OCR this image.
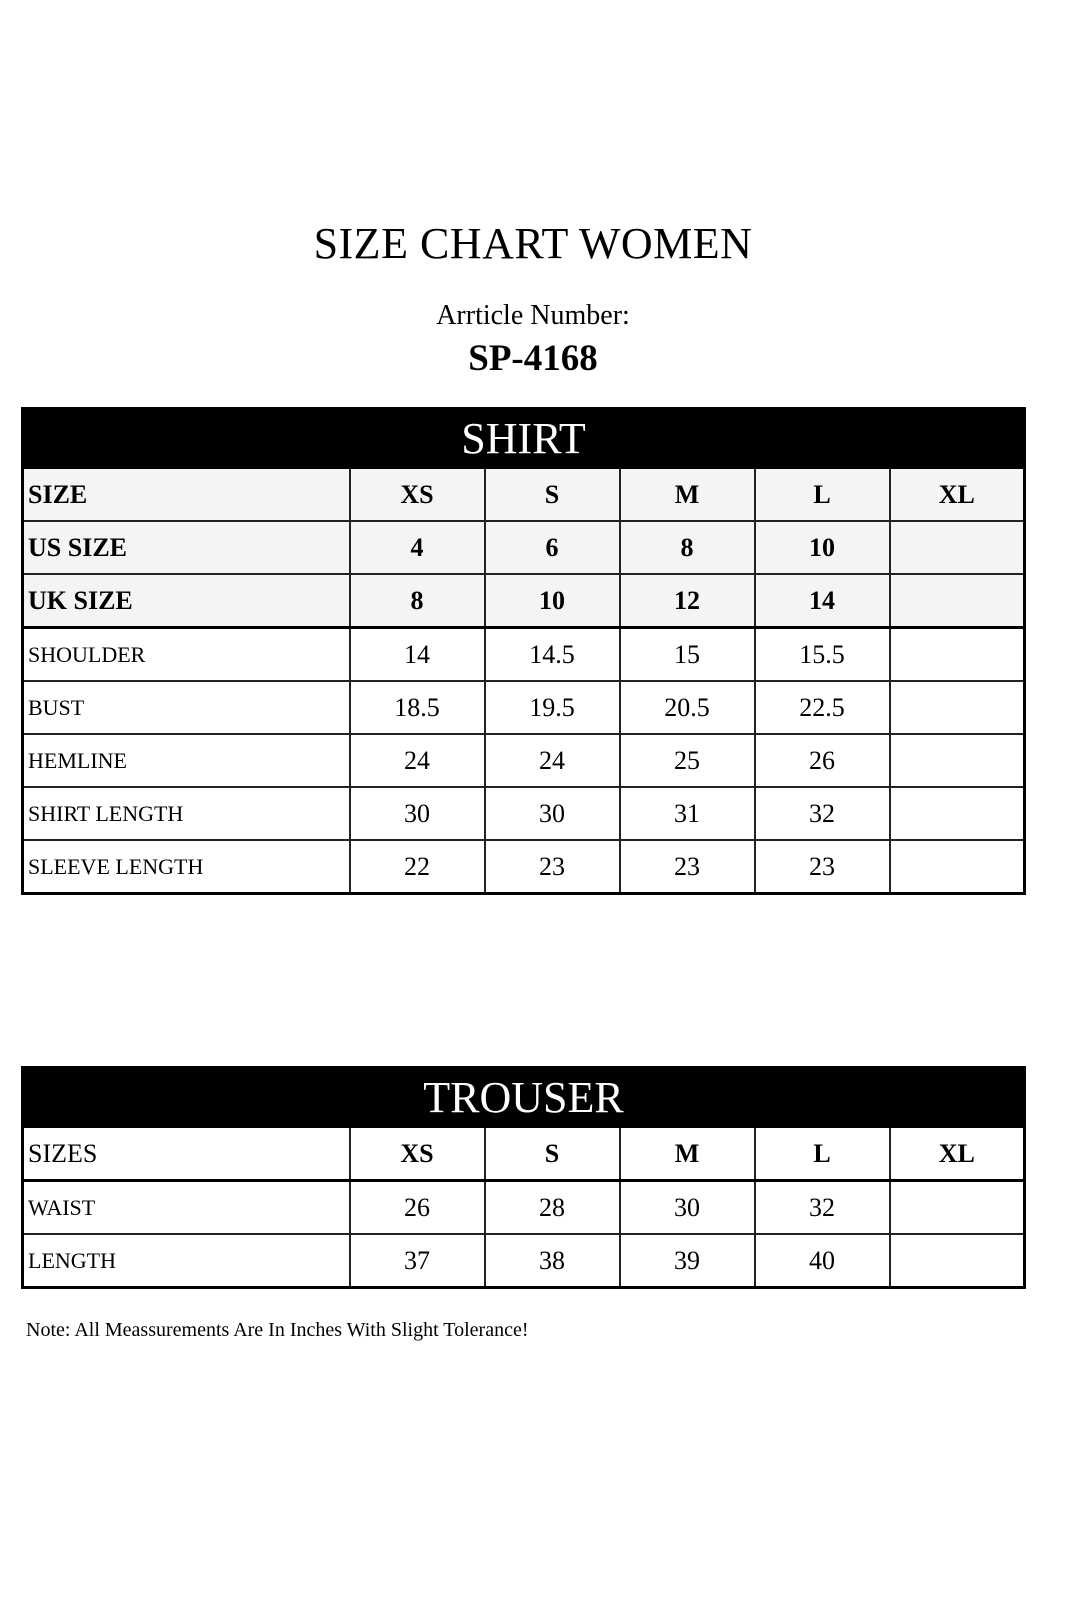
SIZE CHART WOMEN
Arrticle Number:
SP-4168
SHIRT					
SIZE	XS	S	M	L	XL
US SIZE	4	6	8	10	
UK SIZE	8	10	12	14	
SHOULDER	14	14.5	15	15.5	
BUST	18.5	19.5	20.5	22.5	
HEMLINE	24	24	25	26	
SHIRT LENGTH	30	30	31	32	
SLEEVE LENGTH	22	23	23	23	
TROUSER					
SIZES	XS	S	M	L	XL
WAIST	26	28	30	32	
LENGTH	37	38	39	40	
Note: All Meassurements Are In Inches With Slight Tolerance!
